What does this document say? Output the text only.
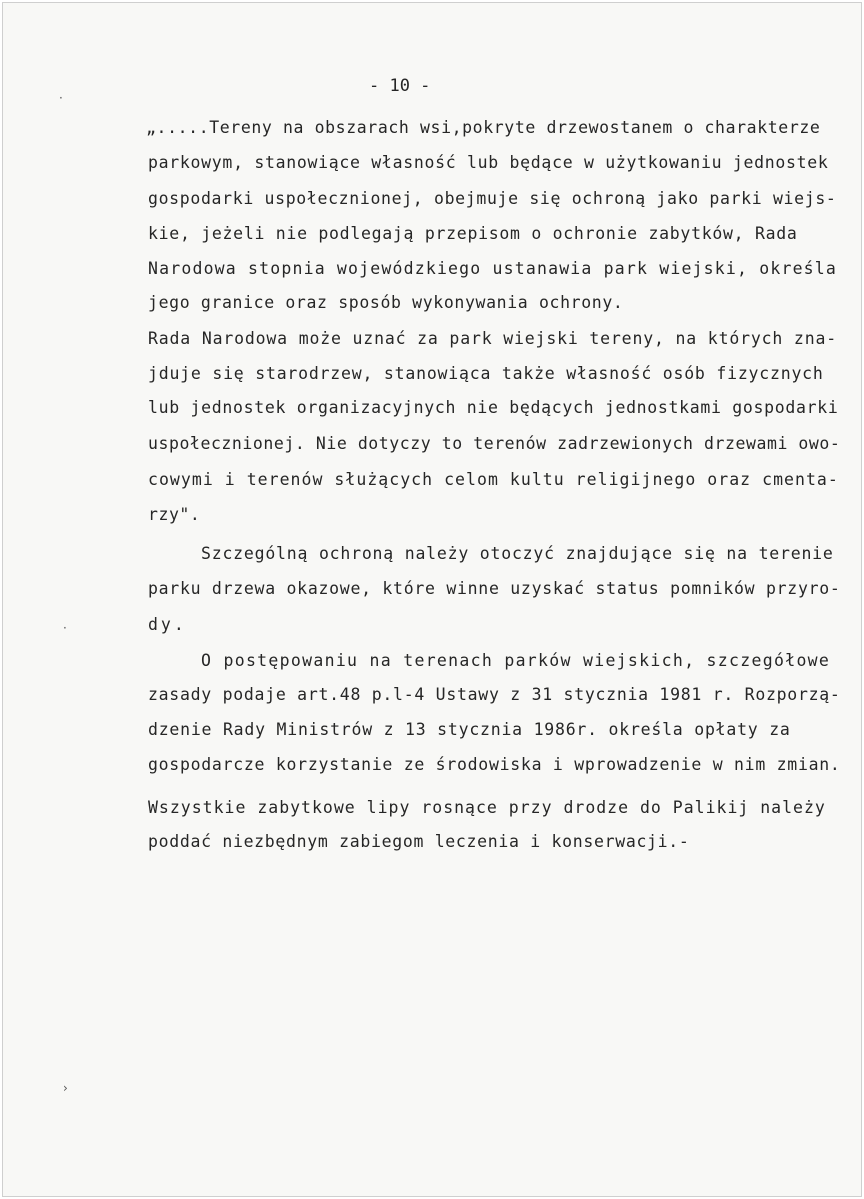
- 10 -
·
·
›
„.....Tereny na obszarach wsi,pokryte drzewostanem o charakterze
parkowym, stanowiące własność lub będące w użytkowaniu jednostek
gospodarki uspołecznionej, obejmuje się ochroną jako parki wiejs-
kie, jeżeli nie podlegają przepisom o ochronie zabytków, Rada
Narodowa stopnia wojewódzkiego ustanawia park wiejski, określa
jego granice oraz sposób wykonywania ochrony.
Rada Narodowa może uznać za park wiejski tereny, na których zna-
jduje się starodrzew, stanowiąca także własność osób fizycznych
lub jednostek organizacyjnych nie będących jednostkami gospodarki
uspołecznionej. Nie dotyczy to terenów zadrzewionych drzewami owo-
cowymi i terenów służących celom kultu religijnego oraz cmenta-
rzy".
Szczególną ochroną należy otoczyć znajdujące się na terenie
parku drzewa okazowe, które winne uzyskać status pomników przyro-
dy.
O postępowaniu na terenach parków wiejskich, szczegółowe
zasady podaje art.48 p.l-4 Ustawy z 31 stycznia 1981 r. Rozporzą-
dzenie Rady Ministrów z 13 stycznia 1986r. określa opłaty za
gospodarcze korzystanie ze środowiska i wprowadzenie w nim zmian.
Wszystkie zabytkowe lipy rosnące przy drodze do Palikij należy
poddać niezbędnym zabiegom leczenia i konserwacji.-
